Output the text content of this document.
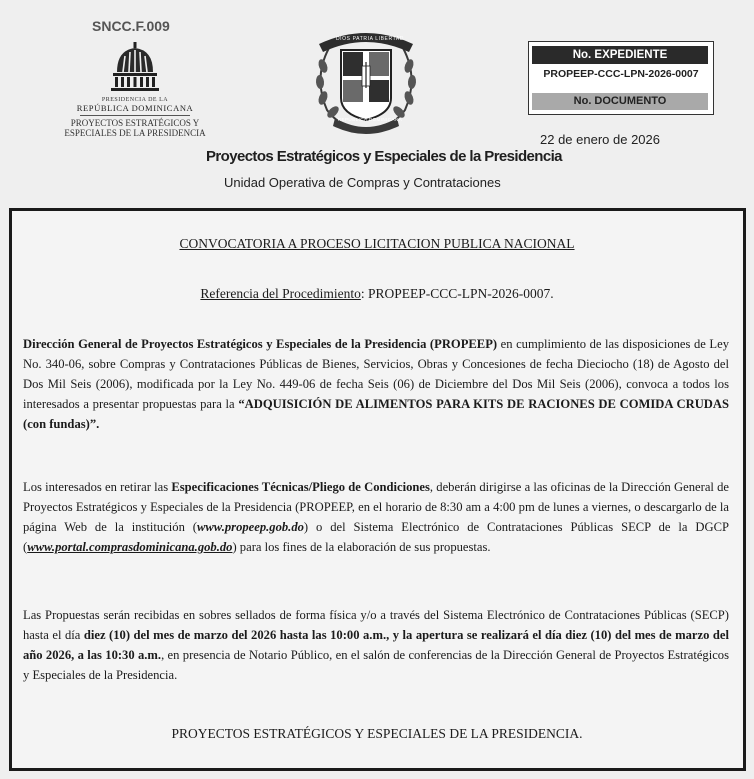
SNCC.F.009
PRESIDENCIA DE LA
REPÚBLICA DOMINICANA
PROYECTOS ESTRATÉGICOS Y
ESPECIALES DE LA PRESIDENCIA
DIOS PATRIA LIBERTAD
REPÚBLICA DOMINICANA
No. EXPEDIENTE
PROPEEP-CCC-LPN-2026-0007
No. DOCUMENTO
22 de enero de 2026
Proyectos Estratégicos y Especiales de la Presidencia
Unidad Operativa de Compras y Contrataciones
CONVOCATORIA A PROCESO LICITACION PUBLICA NACIONAL
Referencia del Procedimiento: PROPEEP-CCC-LPN-2026-0007.
Dirección General de Proyectos Estratégicos y Especiales de la Presidencia (PROPEEP) en cumplimiento de las disposiciones de Ley No. 340-06, sobre Compras y Contrataciones Públicas de Bienes, Servicios, Obras y Concesiones de fecha Dieciocho (18) de Agosto del Dos Mil Seis (2006), modificada por la Ley No. 449-06 de fecha Seis (06) de Diciembre del Dos Mil Seis (2006), convoca a todos los interesados a presentar propuestas para la “ADQUISICIÓN DE ALIMENTOS PARA KITS DE RACIONES DE COMIDA CRUDAS (con fundas)”.
Los interesados en retirar las Especificaciones Técnicas/Pliego de Condiciones, deberán dirigirse a las oficinas de la Dirección General de Proyectos Estratégicos y Especiales de la Presidencia (PROPEEP, en el horario de 8:30 am a 4:00 pm de lunes a viernes, o descargarlo de la página Web de la institución (www.propeep.gob.do) o del Sistema Electrónico de Contrataciones Públicas SECP de la DGCP (www.portal.comprasdominicana.gob.do) para los fines de la elaboración de sus propuestas.
Las Propuestas serán recibidas en sobres sellados de forma física y/o a través del Sistema Electrónico de Contrataciones Públicas (SECP) hasta el día diez (10) del mes de marzo del 2026 hasta las 10:00 a.m., y la apertura se realizará el día diez (10) del mes de marzo del año 2026, a las 10:30 a.m., en presencia de Notario Público, en el salón de conferencias de la Dirección General de Proyectos Estratégicos y Especiales de la Presidencia.
PROYECTOS ESTRATÉGICOS Y ESPECIALES DE LA PRESIDENCIA.
